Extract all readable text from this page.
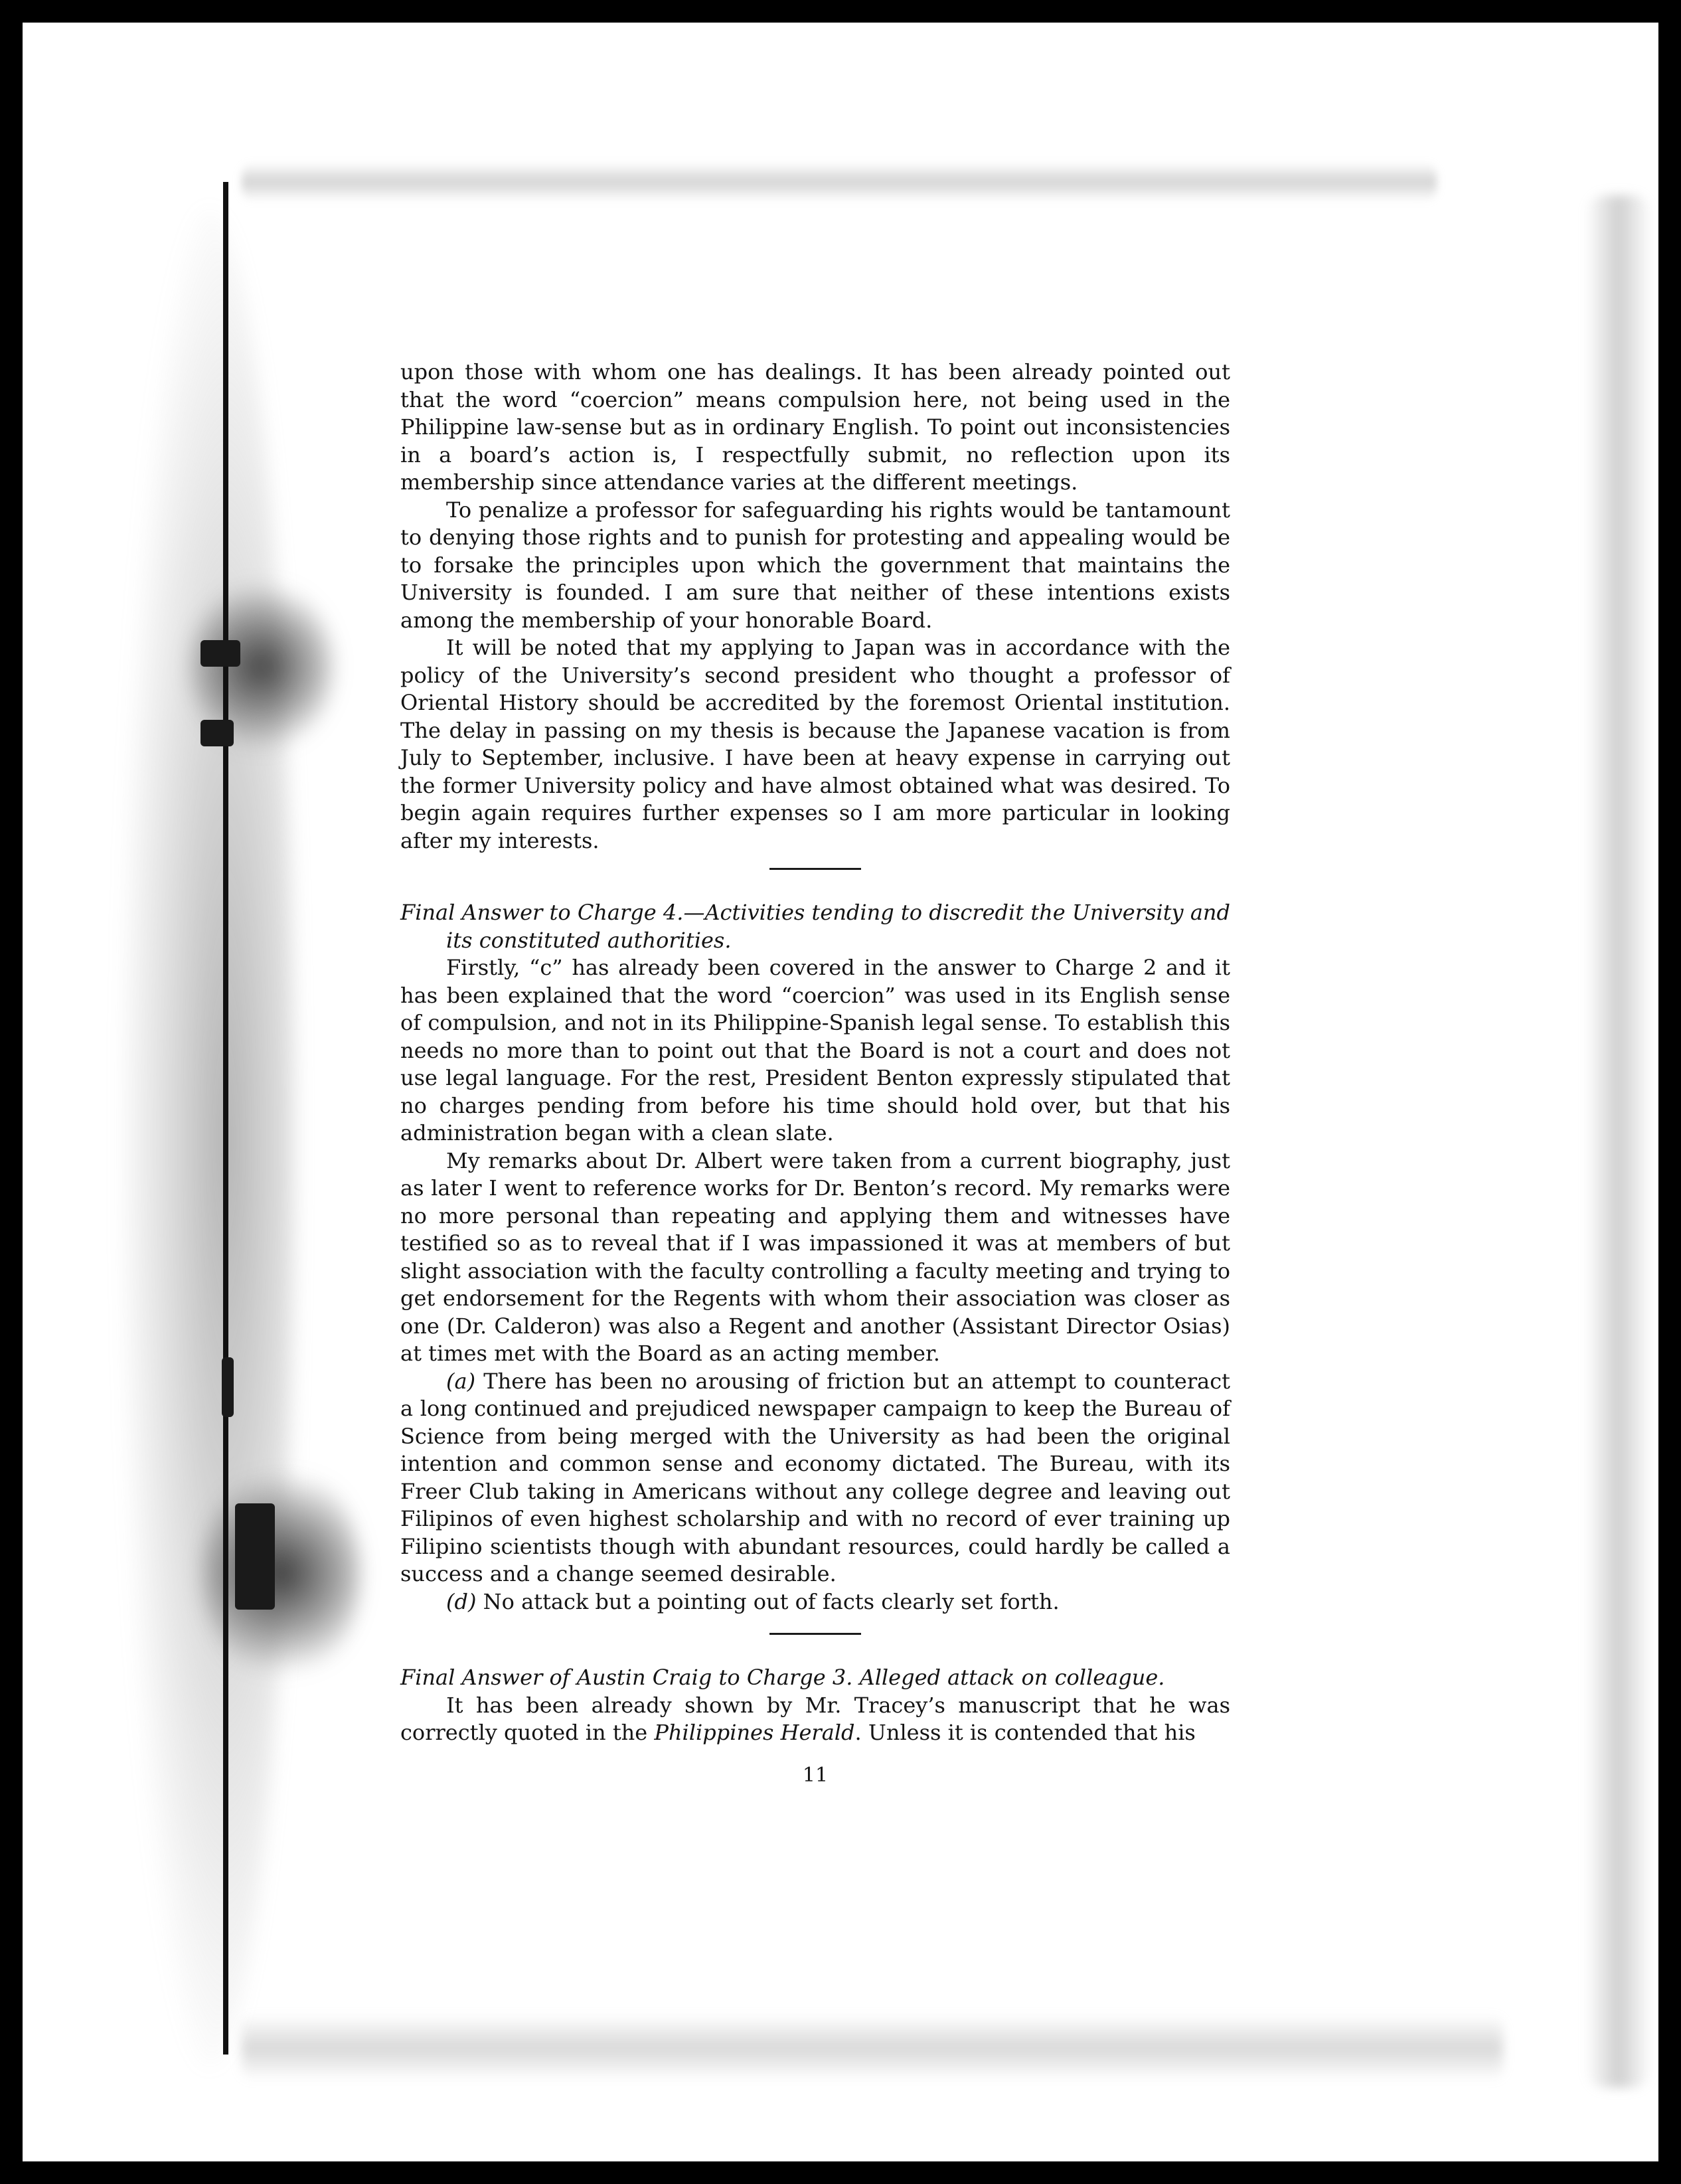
upon those with whom one has dealings. It has been already pointed out that the word “coercion” means compulsion here, not being used in the Philippine law-sense but as in ordinary English. To point out inconsistencies in a board’s action is, I respectfully submit, no reflection upon its membership since attendance varies at the different meetings.

To penalize a professor for safeguarding his rights would be tantamount to denying those rights and to punish for protesting and appealing would be to forsake the principles upon which the government that maintains the University is founded. I am sure that neither of these intentions exists among the membership of your honorable Board.

It will be noted that my applying to Japan was in accordance with the policy of the University’s second president who thought a professor of Oriental History should be accredited by the foremost Oriental institution. The delay in passing on my thesis is because the Japanese vacation is from July to September, inclusive. I have been at heavy expense in carrying out the former University policy and have almost obtained what was desired. To begin again requires further expenses so I am more particular in looking after my interests.

Final Answer to Charge 4.—Activities tending to discredit the University and its constituted authorities.

Firstly, “c” has already been covered in the answer to Charge 2 and it has been explained that the word “coercion” was used in its English sense of compulsion, and not in its Philippine-Spanish legal sense. To establish this needs no more than to point out that the Board is not a court and does not use legal language. For the rest, President Benton expressly stipulated that no charges pending from before his time should hold over, but that his administration began with a clean slate.

My remarks about Dr. Albert were taken from a current biography, just as later I went to reference works for Dr. Benton’s record. My remarks were no more personal than repeating and applying them and witnesses have testified so as to reveal that if I was impassioned it was at members of but slight association with the faculty controlling a faculty meeting and trying to get endorsement for the Regents with whom their association was closer as one (Dr. Calderon) was also a Regent and another (Assistant Director Osias) at times met with the Board as an acting member.

(a) There has been no arousing of friction but an attempt to counteract a long continued and prejudiced newspaper campaign to keep the Bureau of Science from being merged with the University as had been the original intention and common sense and economy dictated. The Bureau, with its Freer Club taking in Americans without any college degree and leaving out Filipinos of even highest scholarship and with no record of ever training up Filipino scientists though with abundant resources, could hardly be called a success and a change seemed desirable.

(d) No attack but a pointing out of facts clearly set forth.

Final Answer of Austin Craig to Charge 3. Alleged attack on colleague.

It has been already shown by Mr. Tracey’s manuscript that he was correctly quoted in the Philippines Herald. Unless it is contended that his

11
